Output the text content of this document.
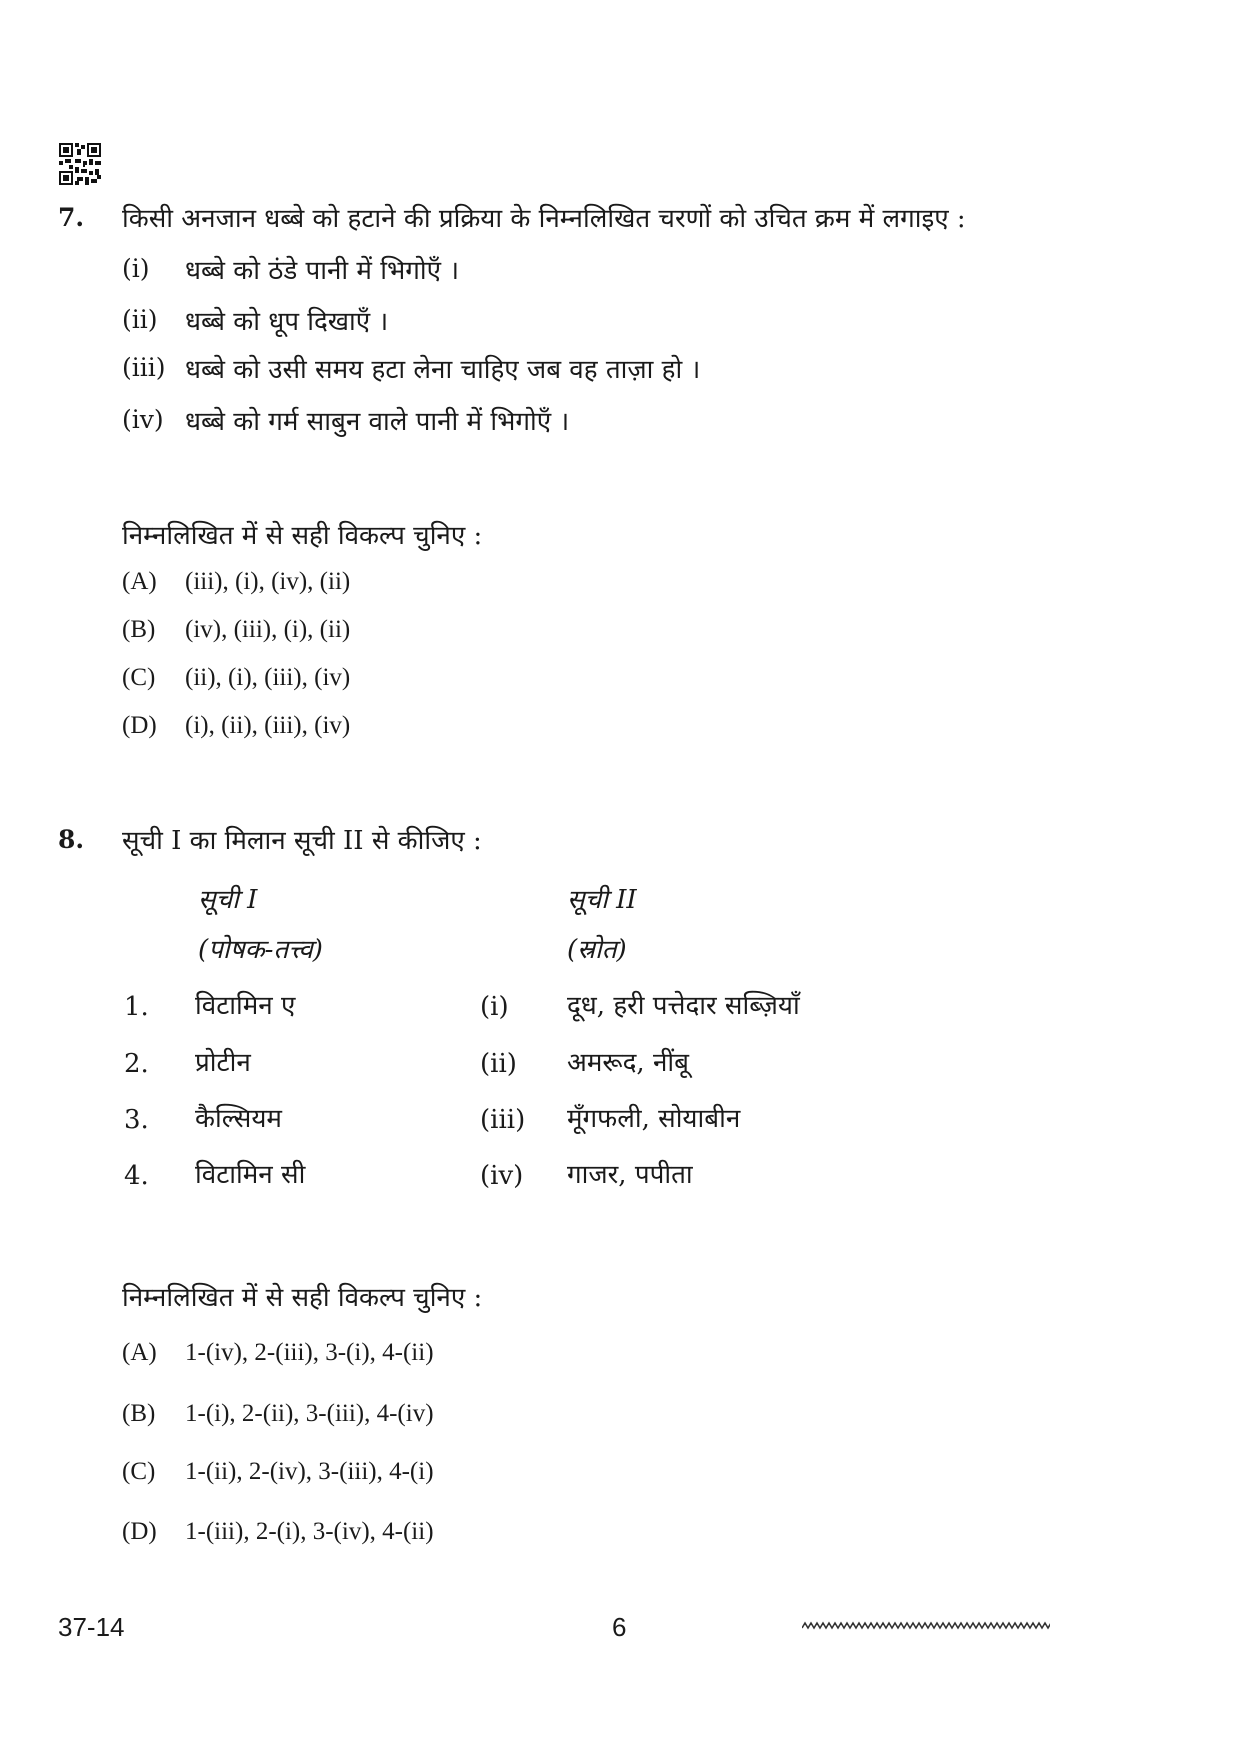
7. किसी अनजान धब्बे को हटाने की प्रक्रिया के निम्नलिखित चरणों को उचित क्रम में लगाइए :
(i) धब्बे को ठंडे पानी में भिगोएँ ।
(ii) धब्बे को धूप दिखाएँ ।
(iii) धब्बे को उसी समय हटा लेना चाहिए जब वह ताज़ा हो ।
(iv) धब्बे को गर्म साबुन वाले पानी में भिगोएँ ।
निम्नलिखित में से सही विकल्प चुनिए :
(A) (iii), (i), (iv), (ii)
(B) (iv), (iii), (i), (ii)
(C) (ii), (i), (iii), (iv)
(D) (i), (ii), (iii), (iv)
8. सूची I का मिलान सूची II से कीजिए :
सूची I
(पोषक-तत्त्व)
सूची II
(स्रोत)
1. विटामिन ए	(i) दूध, हरी पत्तेदार सब्ज़ियाँ
2. प्रोटीन	(ii) अमरूद, नींबू
3. कैल्सियम	(iii) मूँगफली, सोयाबीन
4. विटामिन सी	(iv) गाजर, पपीता
निम्नलिखित में से सही विकल्प चुनिए :
(A) 1-(iv), 2-(iii), 3-(i), 4-(ii)
(B) 1-(i), 2-(ii), 3-(iii), 4-(iv)
(C) 1-(ii), 2-(iv), 3-(iii), 4-(i)
(D) 1-(iii), 2-(i), 3-(iv), 4-(ii)
37-14	6
